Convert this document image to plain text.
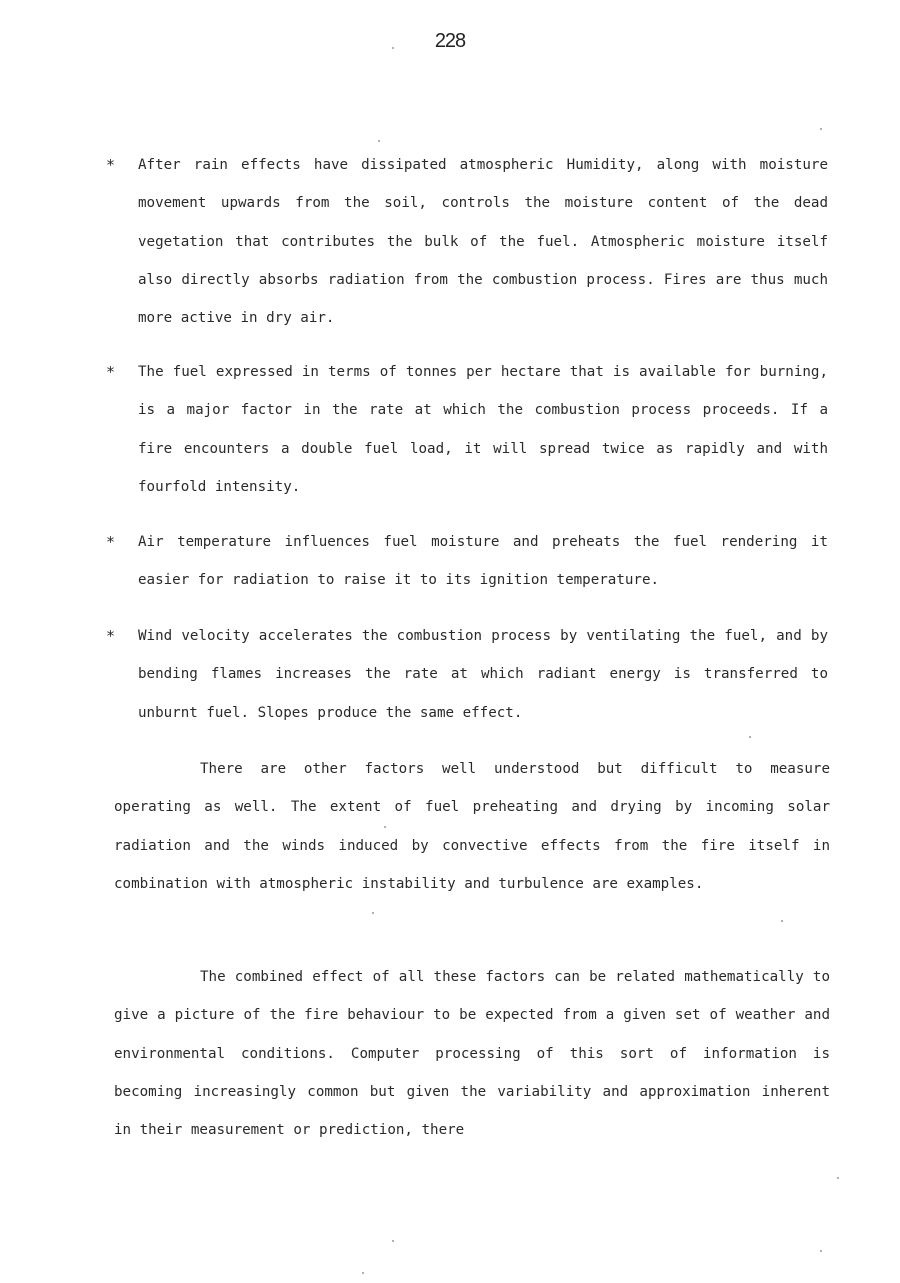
228
* After rain effects have dissipated atmospheric Humidity, along with moisture movement upwards from the soil, controls the moisture content of the dead vegetation that contributes the bulk of the fuel. Atmospheric moisture itself also directly absorbs radiation from the combustion process. Fires are thus much more active in dry air.
* The fuel expressed in terms of tonnes per hectare that is available for burning, is a major factor in the rate at which the combustion process proceeds. If a fire encounters a double fuel load, it will spread twice as rapidly and with fourfold intensity.
* Air temperature influences fuel moisture and preheats the fuel rendering it easier for radiation to raise it to its ignition temperature.
* Wind velocity accelerates the combustion process by ventilating the fuel, and by bending flames increases the rate at which radiant energy is transferred to unburnt fuel. Slopes produce the same effect.
There are other factors well understood but difficult to measure operating as well. The extent of fuel preheating and drying by incoming solar radiation and the winds induced by convective effects from the fire itself in combination with atmospheric instability and turbulence are examples.
The combined effect of all these factors can be related mathematically to give a picture of the fire behaviour to be expected from a given set of weather and environmental conditions. Computer processing of this sort of information is becoming increasingly common but given the variability and approximation inherent in their measurement or prediction, there
